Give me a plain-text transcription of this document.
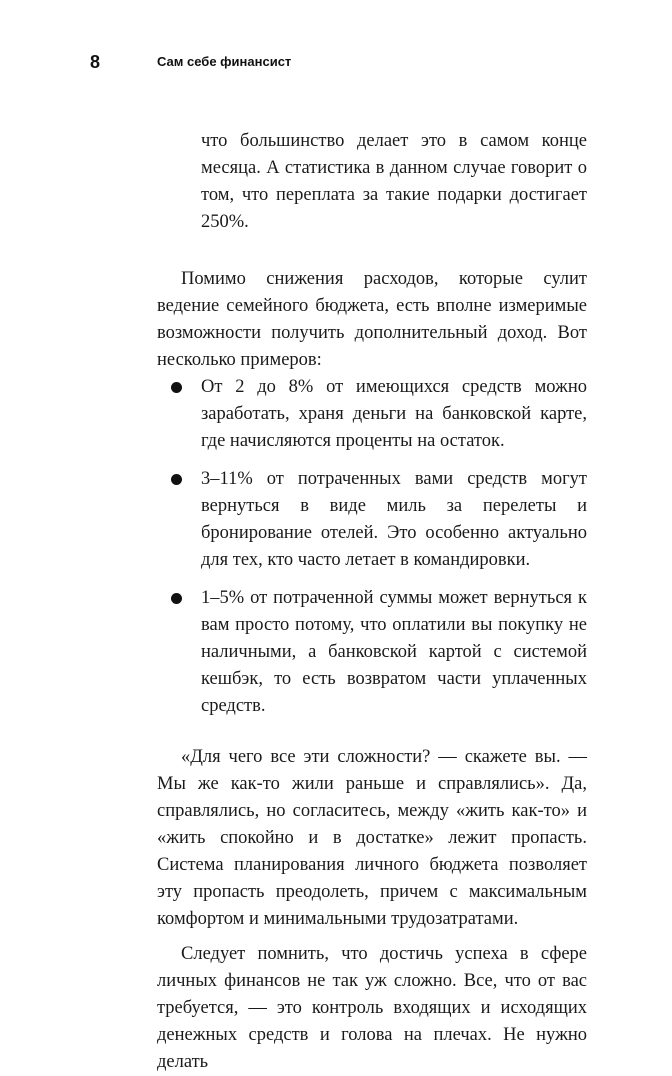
8	Сам себе финансист

что большинство делает это в самом конце месяца. А статистика в данном случае говорит о том, что переплата за такие подарки достигает 250%.

Помимо снижения расходов, которые сулит ведение семейного бюджета, есть вполне измеримые возможности получить дополнительный доход. Вот несколько примеров:

От 2 до 8% от имеющихся средств можно заработать, храня деньги на банковской карте, где начисляются проценты на остаток.
3–11% от потраченных вами средств могут вернуться в виде миль за перелеты и бронирование отелей. Это особенно актуально для тех, кто часто летает в командировки.
1–5% от потраченной суммы может вернуться к вам просто потому, что оплатили вы покупку не наличными, а банковской картой с системой кешбэк, то есть возвратом части уплаченных средств.

«Для чего все эти сложности? — скажете вы. — Мы же как-то жили раньше и справлялись». Да, справлялись, но согласитесь, между «жить как-то» и «жить спокойно и в достатке» лежит пропасть. Система планирования личного бюджета позволяет эту пропасть преодолеть, причем с максимальным комфортом и минимальными трудозатратами.

Следует помнить, что достичь успеха в сфере личных финансов не так уж сложно. Все, что от вас требуется, — это контроль входящих и исходящих денежных средств и голова на плечах. Не нужно делать
